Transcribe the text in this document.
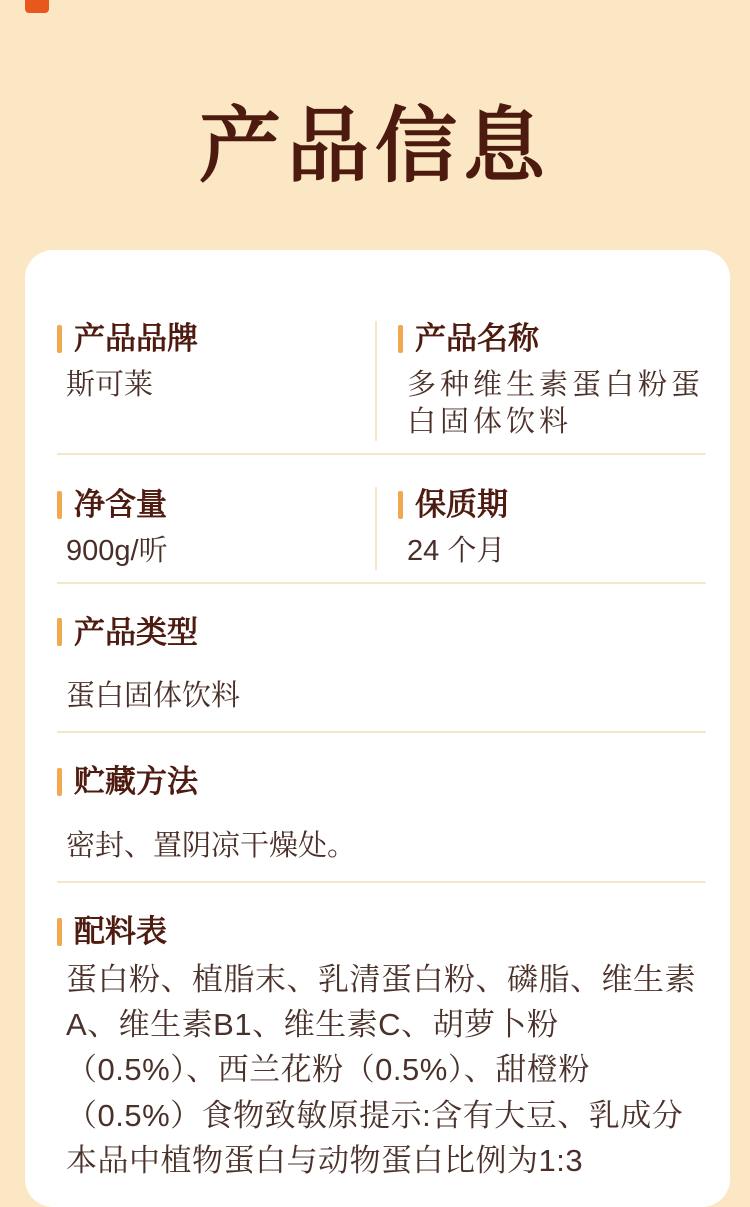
产品信息
产品品牌
斯可莱
产品名称
多种维生素蛋白粉蛋白固体饮料
净含量
900g/听
保质期
24 个月
产品类型
蛋白固体饮料
贮藏方法
密封、置阴凉干燥处。
配料表
蛋白粉、植脂末、乳清蛋白粉、磷脂、维生素A、维生素B1、维生素C、胡萝卜粉（0.5%）、西兰花粉（0.5%）、甜橙粉（0.5%）食物致敏原提示:含有大豆、乳成分本品中植物蛋白与动物蛋白比例为1:3
